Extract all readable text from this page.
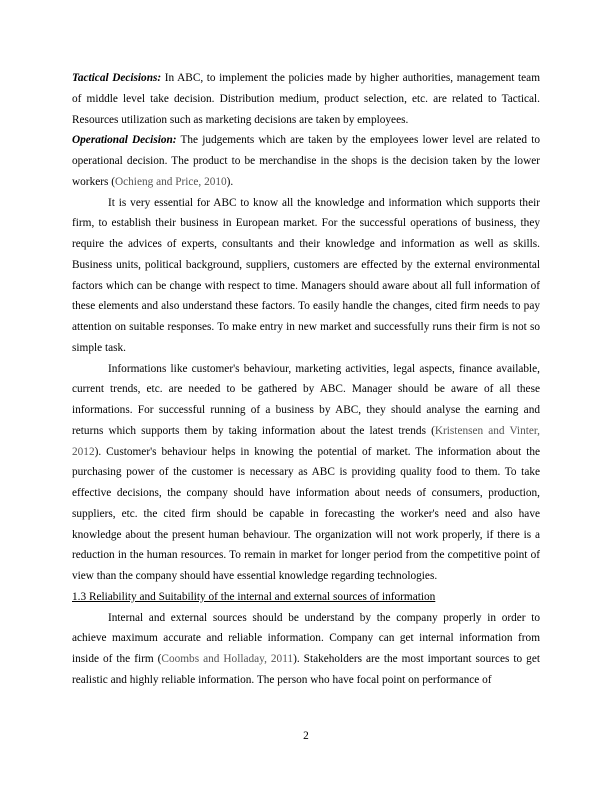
Tactical Decisions: In ABC, to implement the policies made by higher authorities, management team of middle level take decision. Distribution medium, product selection, etc. are related to Tactical. Resources utilization such as marketing decisions are taken by employees.

Operational Decision: The judgements which are taken by the employees lower level are related to operational decision. The product to be merchandise in the shops is the decision taken by the lower workers (Ochieng and Price, 2010).

It is very essential for ABC to know all the knowledge and information which supports their firm, to establish their business in European market. For the successful operations of business, they require the advices of experts, consultants and their knowledge and information as well as skills. Business units, political background, suppliers, customers are effected by the external environmental factors which can be change with respect to time. Managers should aware about all full information of these elements and also understand these factors. To easily handle the changes, cited firm needs to pay attention on suitable responses. To make entry in new market and successfully runs their firm is not so simple task.

Informations like customer's behaviour, marketing activities, legal aspects, finance available, current trends, etc. are needed to be gathered by ABC. Manager should be aware of all these informations. For successful running of a business by ABC, they should analyse the earning and returns which supports them by taking information about the latest trends (Kristensen and Vinter, 2012). Customer's behaviour helps in knowing the potential of market. The information about the purchasing power of the customer is necessary as ABC is providing quality food to them. To take effective decisions, the company should have information about needs of consumers, production, suppliers, etc. the cited firm should be capable in forecasting the worker's need and also have knowledge about the present human behaviour. The organization will not work properly, if there is a reduction in the human resources. To remain in market for longer period from the competitive point of view than the company should have essential knowledge regarding technologies.

1.3 Reliability and Suitability of the internal and external sources of information

Internal and external sources should be understand by the company properly in order to achieve maximum accurate and reliable information. Company can get internal information from inside of the firm (Coombs and Holladay, 2011). Stakeholders are the most important sources to get realistic and highly reliable information. The person who have focal point on performance of

2
